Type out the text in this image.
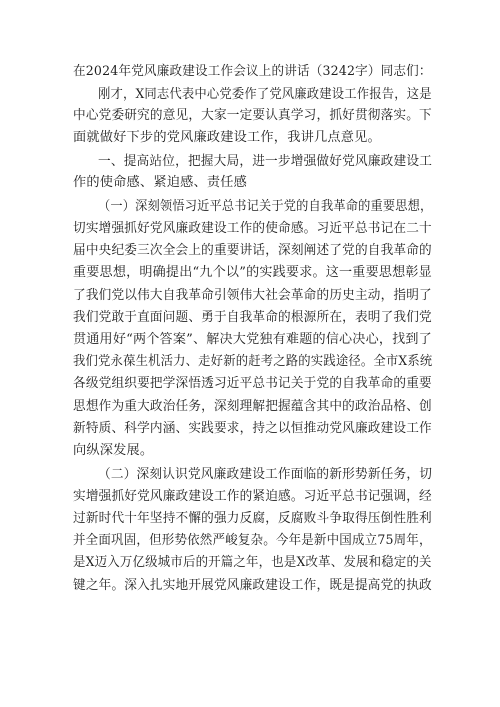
在2024年党风廉政建设工作会议上的讲话（3242字）同志们：
刚才，X同志代表中心党委作了党风廉政建设工作报告，这是
中心党委研究的意见，大家一定要认真学习，抓好贯彻落实。下
面就做好下步的党风廉政建设工作，我讲几点意见。
一、提高站位，把握大局，进一步增强做好党风廉政建设工
作的使命感、紧迫感、责任感
（一）深刻领悟习近平总书记关于党的自我革命的重要思想，
切实增强抓好党风廉政建设工作的使命感。习近平总书记在二十
届中央纪委三次全会上的重要讲话，深刻阐述了党的自我革命的
重要思想，明确提出“九个以”的实践要求。这一重要思想彰显
了我们党以伟大自我革命引领伟大社会革命的历史主动，指明了
我们党敢于直面问题、勇于自我革命的根源所在，表明了我们党
贯通用好“两个答案”、解决大党独有难题的信心决心，找到了
我们党永葆生机活力、走好新的赶考之路的实践途径。全市X系统
各级党组织要把学深悟透习近平总书记关于党的自我革命的重要
思想作为重大政治任务，深刻理解把握蕴含其中的政治品格、创
新特质、科学内涵、实践要求，持之以恒推动党风廉政建设工作
向纵深发展。
（二）深刻认识党风廉政建设工作面临的新形势新任务，切
实增强抓好党风廉政建设工作的紧迫感。习近平总书记强调，经
过新时代十年坚持不懈的强力反腐，反腐败斗争取得压倒性胜利
并全面巩固，但形势依然严峻复杂。今年是新中国成立75周年，
是X迈入万亿级城市后的开篇之年，也是X改革、发展和稳定的关
键之年。深入扎实地开展党风廉政建设工作，既是提高党的执政
